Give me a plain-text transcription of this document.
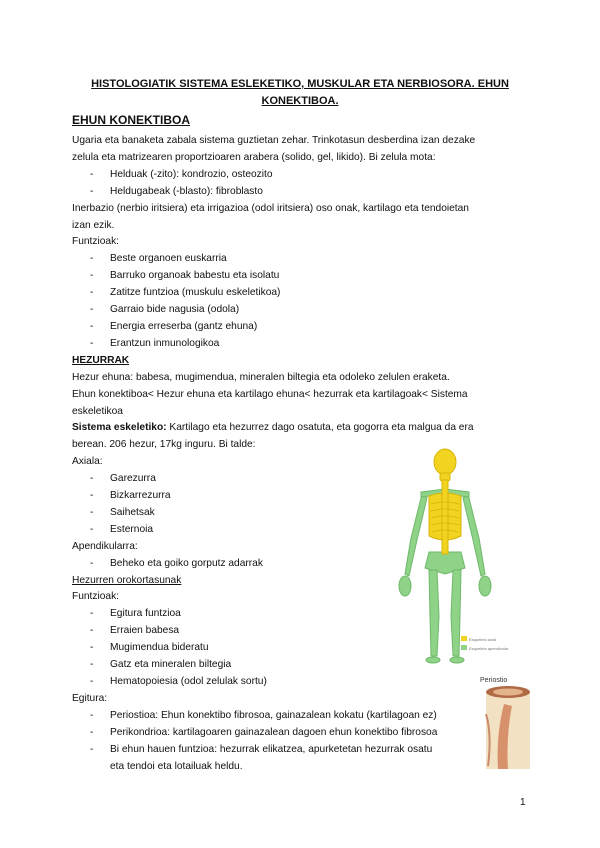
HISTOLOGIATIK SISTEMA ESLEKETIKO, MUSKULAR ETA NERBIOSORA. EHUN KONEKTIBOA.
EHUN KONEKTIBOA
Ugaria eta banaketa zabala sistema guztietan zehar. Trinkotasun desberdina izan dezake
zelula eta matrizearen proportzioaren arabera (solido, gel, likido). Bi zelula mota:
- Helduak (-zito): kondrozio, osteozito
- Heldugabeak (-blasto): fibroblasto
Inerbazio (nerbio iritsiera) eta irrigazioa (odol iritsiera) oso onak, kartilago eta tendoietan
izan ezik.
Funtzioak:
- Beste organoen euskarria
- Barruko organoak babestu eta isolatu
- Zatitze funtzioa (muskulu eskeletikoa)
- Garraio bide nagusia (odola)
- Energia erreserba (gantz ehuna)
- Erantzun inmunologikoa
HEZURRAK
Hezur ehuna: babesa, mugimendua, mineralen biltegia eta odoleko zelulen eraketa.
Ehun konektiboa< Hezur ehuna eta kartilago ehuna< hezurrak eta kartilagoak< Sistema
eskeletikoa
Sistema eskeletiko: Kartilago eta hezurrez dago osatuta, eta gogorra eta malgua da era
berean. 206 hezur, 17kg inguru. Bi talde:
Axiala:
- Garezurra
- Bizkarrezurra
- Saihetsak
- Esternoia
Apendikularra:
- Beheko eta goiko gorputz adarrak
Hezurren orokortasunak
Funtzioak:
- Egitura funtzioa
- Erraien babesa
- Mugimendua bideratu
- Gatz eta mineralen biltegia
- Hematopoiesia (odol zelulak sortu)
Egitura:
- Periostioa: Ehun konektibo fibrosoa, gainazalean kokatu (kartilagoan ez)
- Perikondrioa: kartilagoaren gainazalean dagoen ehun konektibo fibrosoa
- Bi ehun hauen funtzioa: hezurrak elikatzea, apurketetan hezurrak osatu
eta tendoi eta lotailuak heldu.
Esqueleto axial
Esqueleto apendicular
Periostio
1
